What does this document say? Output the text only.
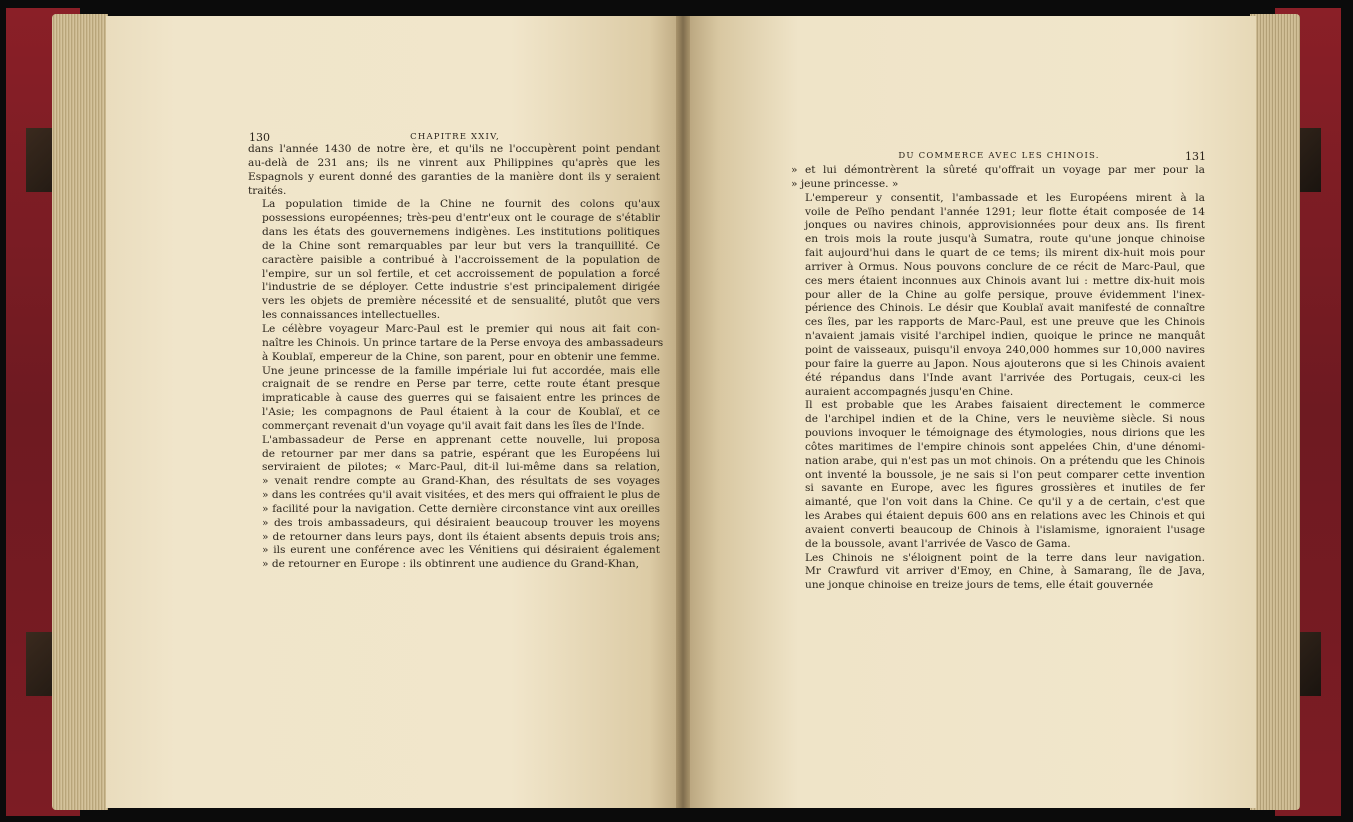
130	CHAPITRE XXIV,

dans l'année 1430 de notre ère, et qu'ils ne l'occupèrent point pendant
au-delà de 231 ans; ils ne vinrent aux Philippines qu'après que les
Espagnols y eurent donné des garanties de la manière dont ils y seraient
traités.

La population timide de la Chine ne fournit des colons qu'aux
possessions européennes; très-peu d'entr'eux ont le courage de s'établir
dans les états des gouvernemens indigènes. Les institutions politiques
de la Chine sont remarquables par leur but vers la tranquillité. Ce
caractère paisible a contribué à l'accroissement de la population de
l'empire, sur un sol fertile, et cet accroissement de population a forcé
l'industrie de se déployer. Cette industrie s'est principalement dirigée
vers les objets de première nécessité et de sensualité, plutôt que vers
les connaissances intellectuelles.

Le célèbre voyageur Marc-Paul est le premier qui nous ait fait con-
naître les Chinois. Un prince tartare de la Perse envoya des ambassadeurs
à Koublaï, empereur de la Chine, son parent, pour en obtenir une femme.
Une jeune princesse de la famille impériale lui fut accordée, mais elle
craignait de se rendre en Perse par terre, cette route étant presque
impraticable à cause des guerres qui se faisaient entre les princes de
l'Asie; les compagnons de Paul étaient à la cour de Koublaï, et ce
commerçant revenait d'un voyage qu'il avait fait dans les îles de l'Inde.

L'ambassadeur de Perse en apprenant cette nouvelle, lui proposa
de retourner par mer dans sa patrie, espérant que les Européens lui
serviraient de pilotes; « Marc-Paul, dit-il lui-même dans sa relation,
» venait rendre compte au Grand-Khan, des résultats de ses voyages
» dans les contrées qu'il avait visitées, et des mers qui offraient le plus de
» facilité pour la navigation. Cette dernière circonstance vint aux oreilles
» des trois ambassadeurs, qui désiraient beaucoup trouver les moyens
» de retourner dans leurs pays, dont ils étaient absents depuis trois ans;
» ils eurent une conférence avec les Vénitiens qui désiraient également
» de retourner en Europe : ils obtinrent une audience du Grand-Khan,

DU COMMERCE AVEC LES CHINOIS.	131

» et lui démontrèrent la sûreté qu'offrait un voyage par mer pour la
» jeune princesse. »

L'empereur y consentit, l'ambassade et les Européens mirent à la
voile de Peïho pendant l'année 1291; leur flotte était composée de 14
jonques ou navires chinois, approvisionnées pour deux ans. Ils firent
en trois mois la route jusqu'à Sumatra, route qu'une jonque chinoise
fait aujourd'hui dans le quart de ce tems; ils mirent dix-huit mois pour
arriver à Ormus. Nous pouvons conclure de ce récit de Marc-Paul, que
ces mers étaient inconnues aux Chinois avant lui : mettre dix-huit mois
pour aller de la Chine au golfe persique, prouve évidemment l'inex-
périence des Chinois. Le désir que Koublaï avait manifesté de connaître
ces îles, par les rapports de Marc-Paul, est une preuve que les Chinois
n'avaient jamais visité l'archipel indien, quoique le prince ne manquât
point de vaisseaux, puisqu'il envoya 240,000 hommes sur 10,000 navires
pour faire la guerre au Japon. Nous ajouterons que si les Chinois avaient
été répandus dans l'Inde avant l'arrivée des Portugais, ceux-ci les
auraient accompagnés jusqu'en Chine.

Il est probable que les Arabes faisaient directement le commerce
de l'archipel indien et de la Chine, vers le neuvième siècle. Si nous
pouvions invoquer le témoignage des étymologies, nous dirions que les
côtes maritimes de l'empire chinois sont appelées Chin, d'une dénomi-
nation arabe, qui n'est pas un mot chinois. On a prétendu que les Chinois
ont inventé la boussole, je ne sais si l'on peut comparer cette invention
si savante en Europe, avec les figures grossières et inutiles de fer
aimanté, que l'on voit dans la Chine. Ce qu'il y a de certain, c'est que
les Arabes qui étaient depuis 600 ans en relations avec les Chinois et qui
avaient converti beaucoup de Chinois à l'islamisme, ignoraient l'usage
de la boussole, avant l'arrivée de Vasco de Gama.

Les Chinois ne s'éloignent point de la terre dans leur navigation.
Mr Crawfurd vit arriver d'Emoy, en Chine, à Samarang, île de Java,
une jonque chinoise en treize jours de tems, elle était gouvernée
